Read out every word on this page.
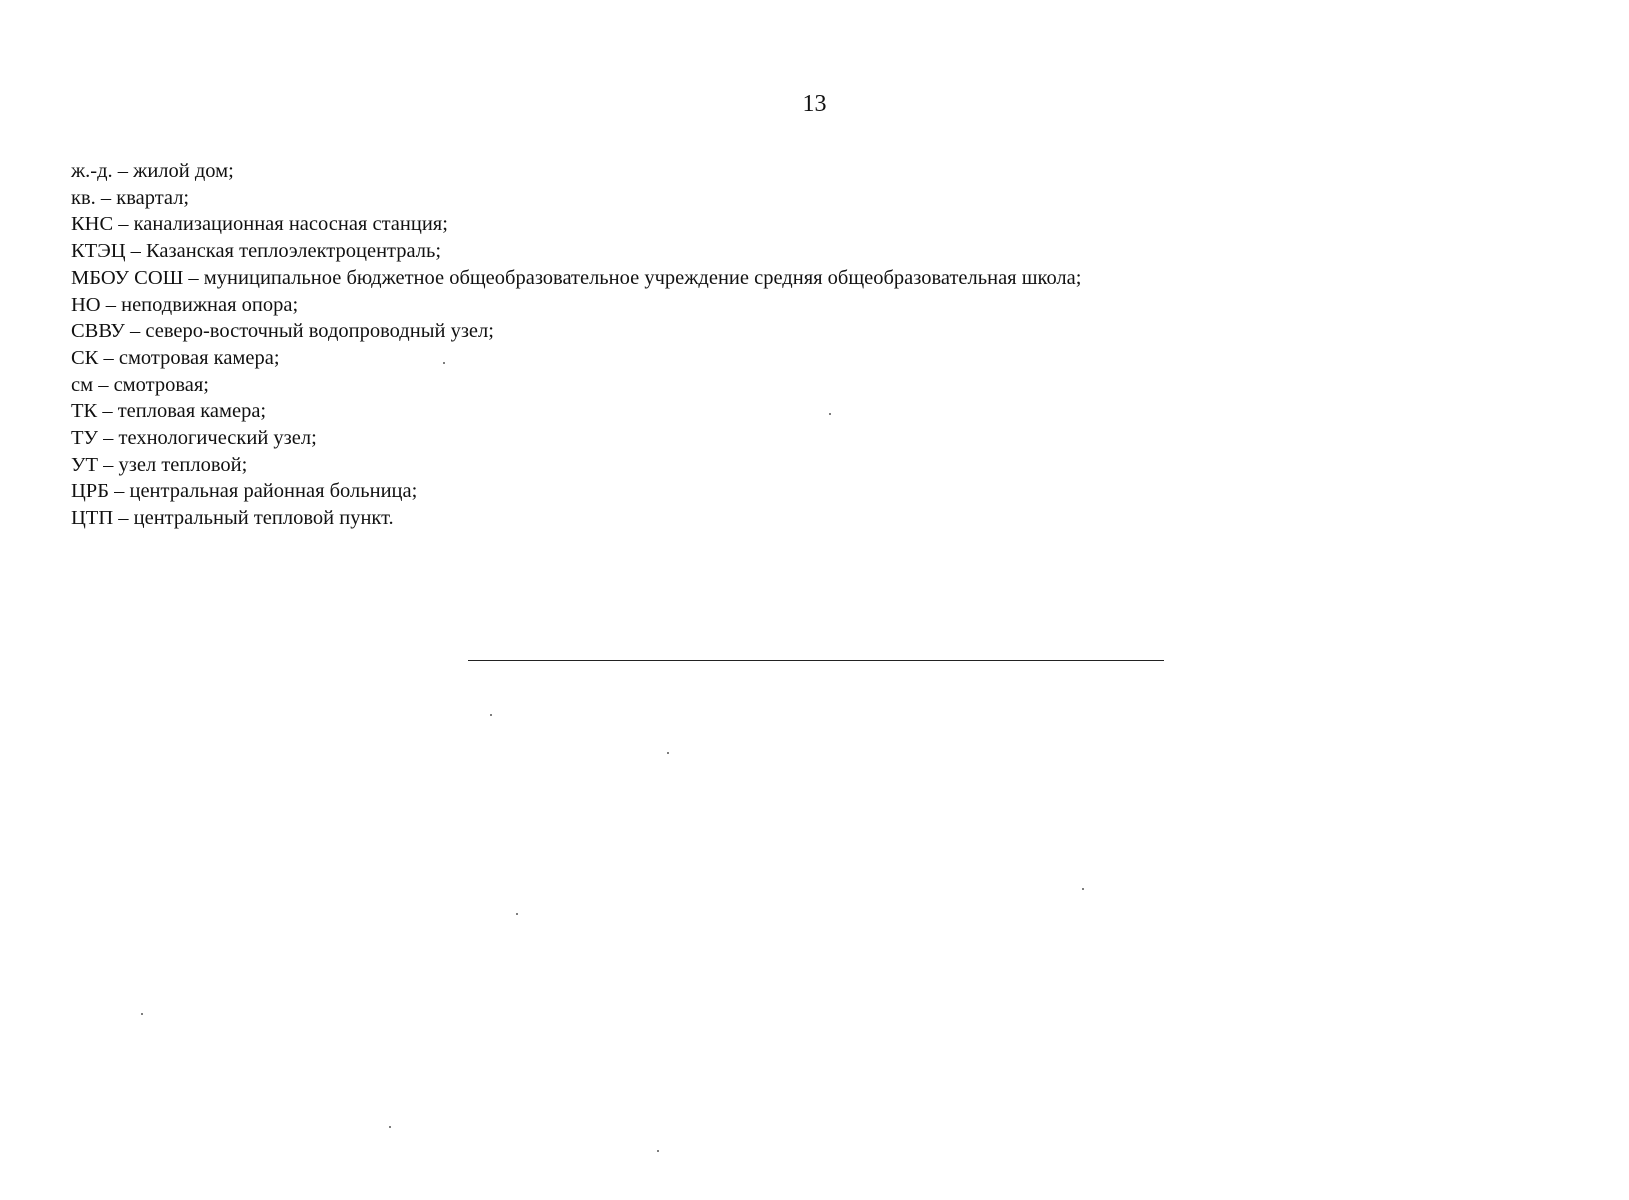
13
ж.-д. – жилой дом;
кв. – квартал;
КНС – канализационная насосная станция;
КТЭЦ – Казанская теплоэлектроцентраль;
МБОУ СОШ – муниципальное бюджетное общеобразовательное учреждение средняя общеобразовательная школа;
НО – неподвижная опора;
СВВУ – северо-восточный водопроводный узел;
СК – смотровая камера;
см – смотровая;
ТК – тепловая камера;
ТУ – технологический узел;
УТ – узел тепловой;
ЦРБ – центральная районная больница;
ЦТП – центральный тепловой пункт.
